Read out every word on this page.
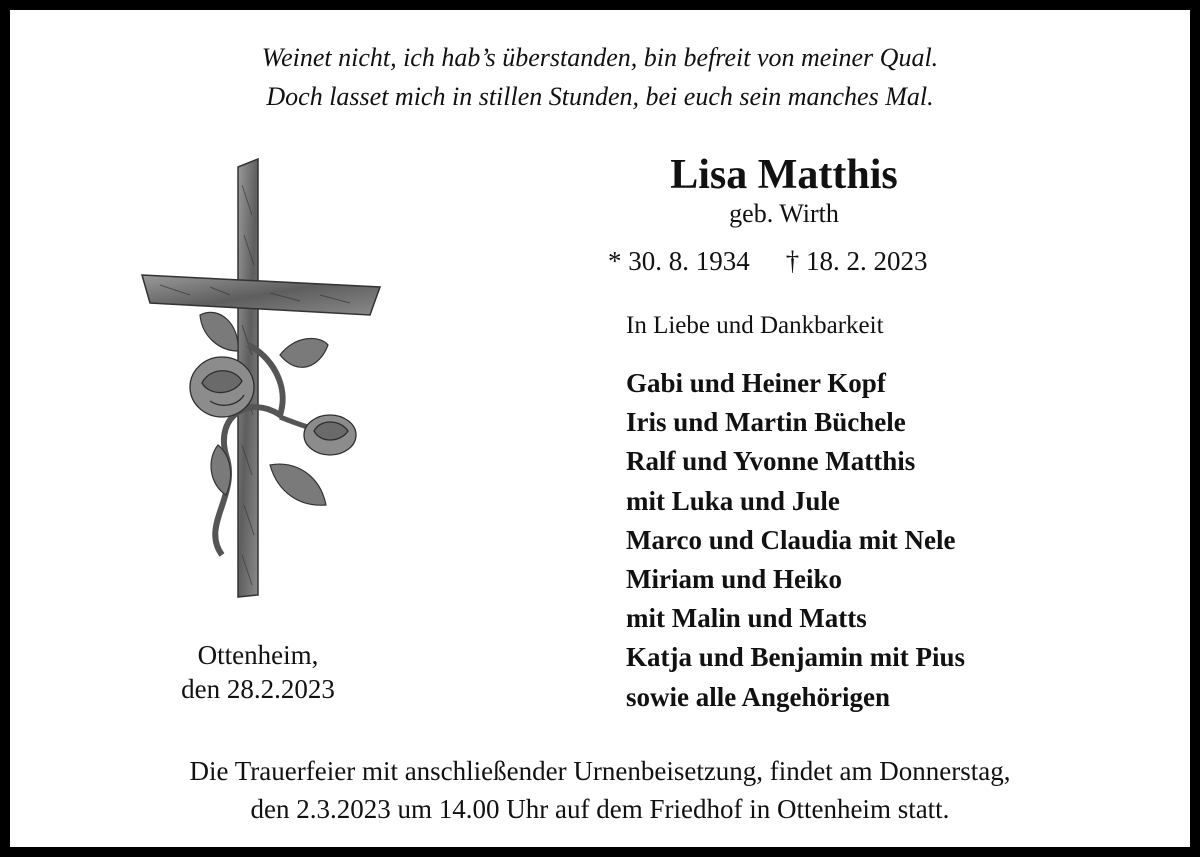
Weinet nicht, ich hab’s überstanden, bin befreit von meiner Qual.
Doch lasset mich in stillen Stunden, bei euch sein manches Mal.
Lisa Matthis
geb. Wirth
* 30. 8. 1934 † 18. 2. 2023
In Liebe und Dankbarkeit
Gabi und Heiner Kopf
Iris und Martin Büchele
Ralf und Yvonne Matthis
mit Luka und Jule
Marco und Claudia mit Nele
Miriam und Heiko
mit Malin und Matts
Katja und Benjamin mit Pius
sowie alle Angehörigen
Ottenheim,
den 28.2.2023
Die Trauerfeier mit anschließender Urnenbeisetzung, findet am Donnerstag,
den 2.3.2023 um 14.00 Uhr auf dem Friedhof in Ottenheim statt.
